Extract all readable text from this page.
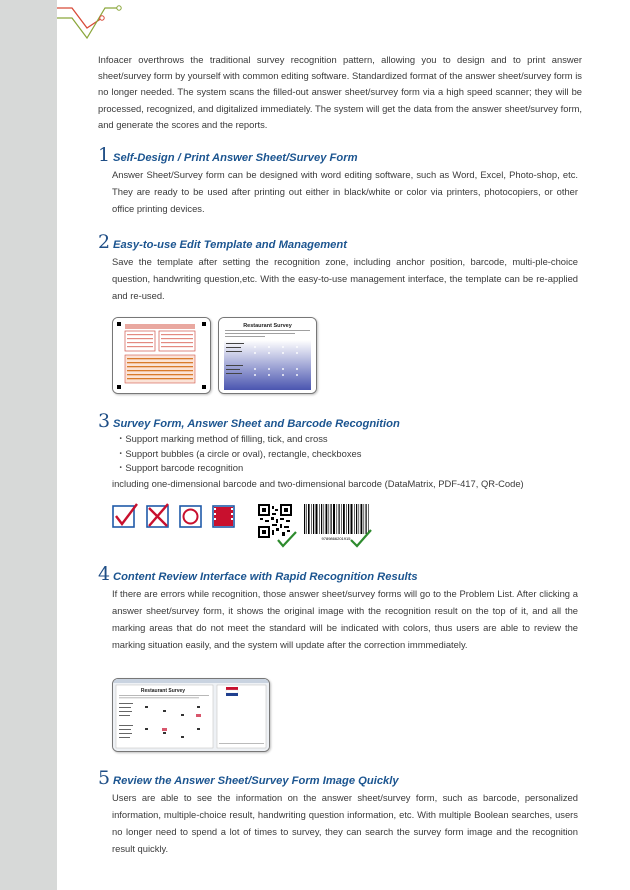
Infoacer overthrows the traditional survey recognition pattern, allowing you to design and to print answer sheet/survey form by yourself with common editing software. Standardized format of the answer sheet/survey form is no longer needed. The system scans the filled-out answer sheet/survey form via a high speed scanner; they will be processed, recognized, and digitalized immediately. The system will get the data from the answer sheet/survey form, and generate the scores and the reports.
1 Self-Design / Print Answer Sheet/Survey Form
Answer Sheet/Survey form can be designed with word editing software, such as Word, Excel, Photo-shop, etc. They are ready to be used after printing out either in black/white or color via printers, photocopiers, or other office printing devices.
2 Easy-to-use Edit Template and Management
Save the template after setting the recognition zone, including anchor position, barcode, multi-ple-choice question, handwriting question,etc. With the easy-to-use management interface, the template can be re-applied and re-used.
Restaurant Survey
3 Survey Form, Answer Sheet and Barcode Recognition
・Support marking method of filling, tick, and cross
・Support bubbles (a circle or oval), rectangle, checkboxes
・Support barcode recognition
including one-dimensional barcode and two-dimensional barcode (DataMatrix, PDF-417, QR-Code)
9789866201915
4 Content Review Interface with Rapid Recognition Results
If there are errors while recognition, those answer sheet/survey forms will go to the Problem List. After clicking a answer sheet/survey form, it shows the original image with the recognition result on the top of it, and all the marking areas that do not meet the standard will be indicated with colors, thus users are able to review the marking situation easily, and the system will update after the correction immmediately.
Restaurant Survey
5 Review the Answer Sheet/Survey Form Image Quickly
Users are able to see the information on the answer sheet/survey form, such as barcode, personalized information, multiple-choice result, handwriting question information, etc. With multiple Boolean searches, users no longer need to spend a lot of times to survey, they can search the survey form image and the recognition result quickly.
